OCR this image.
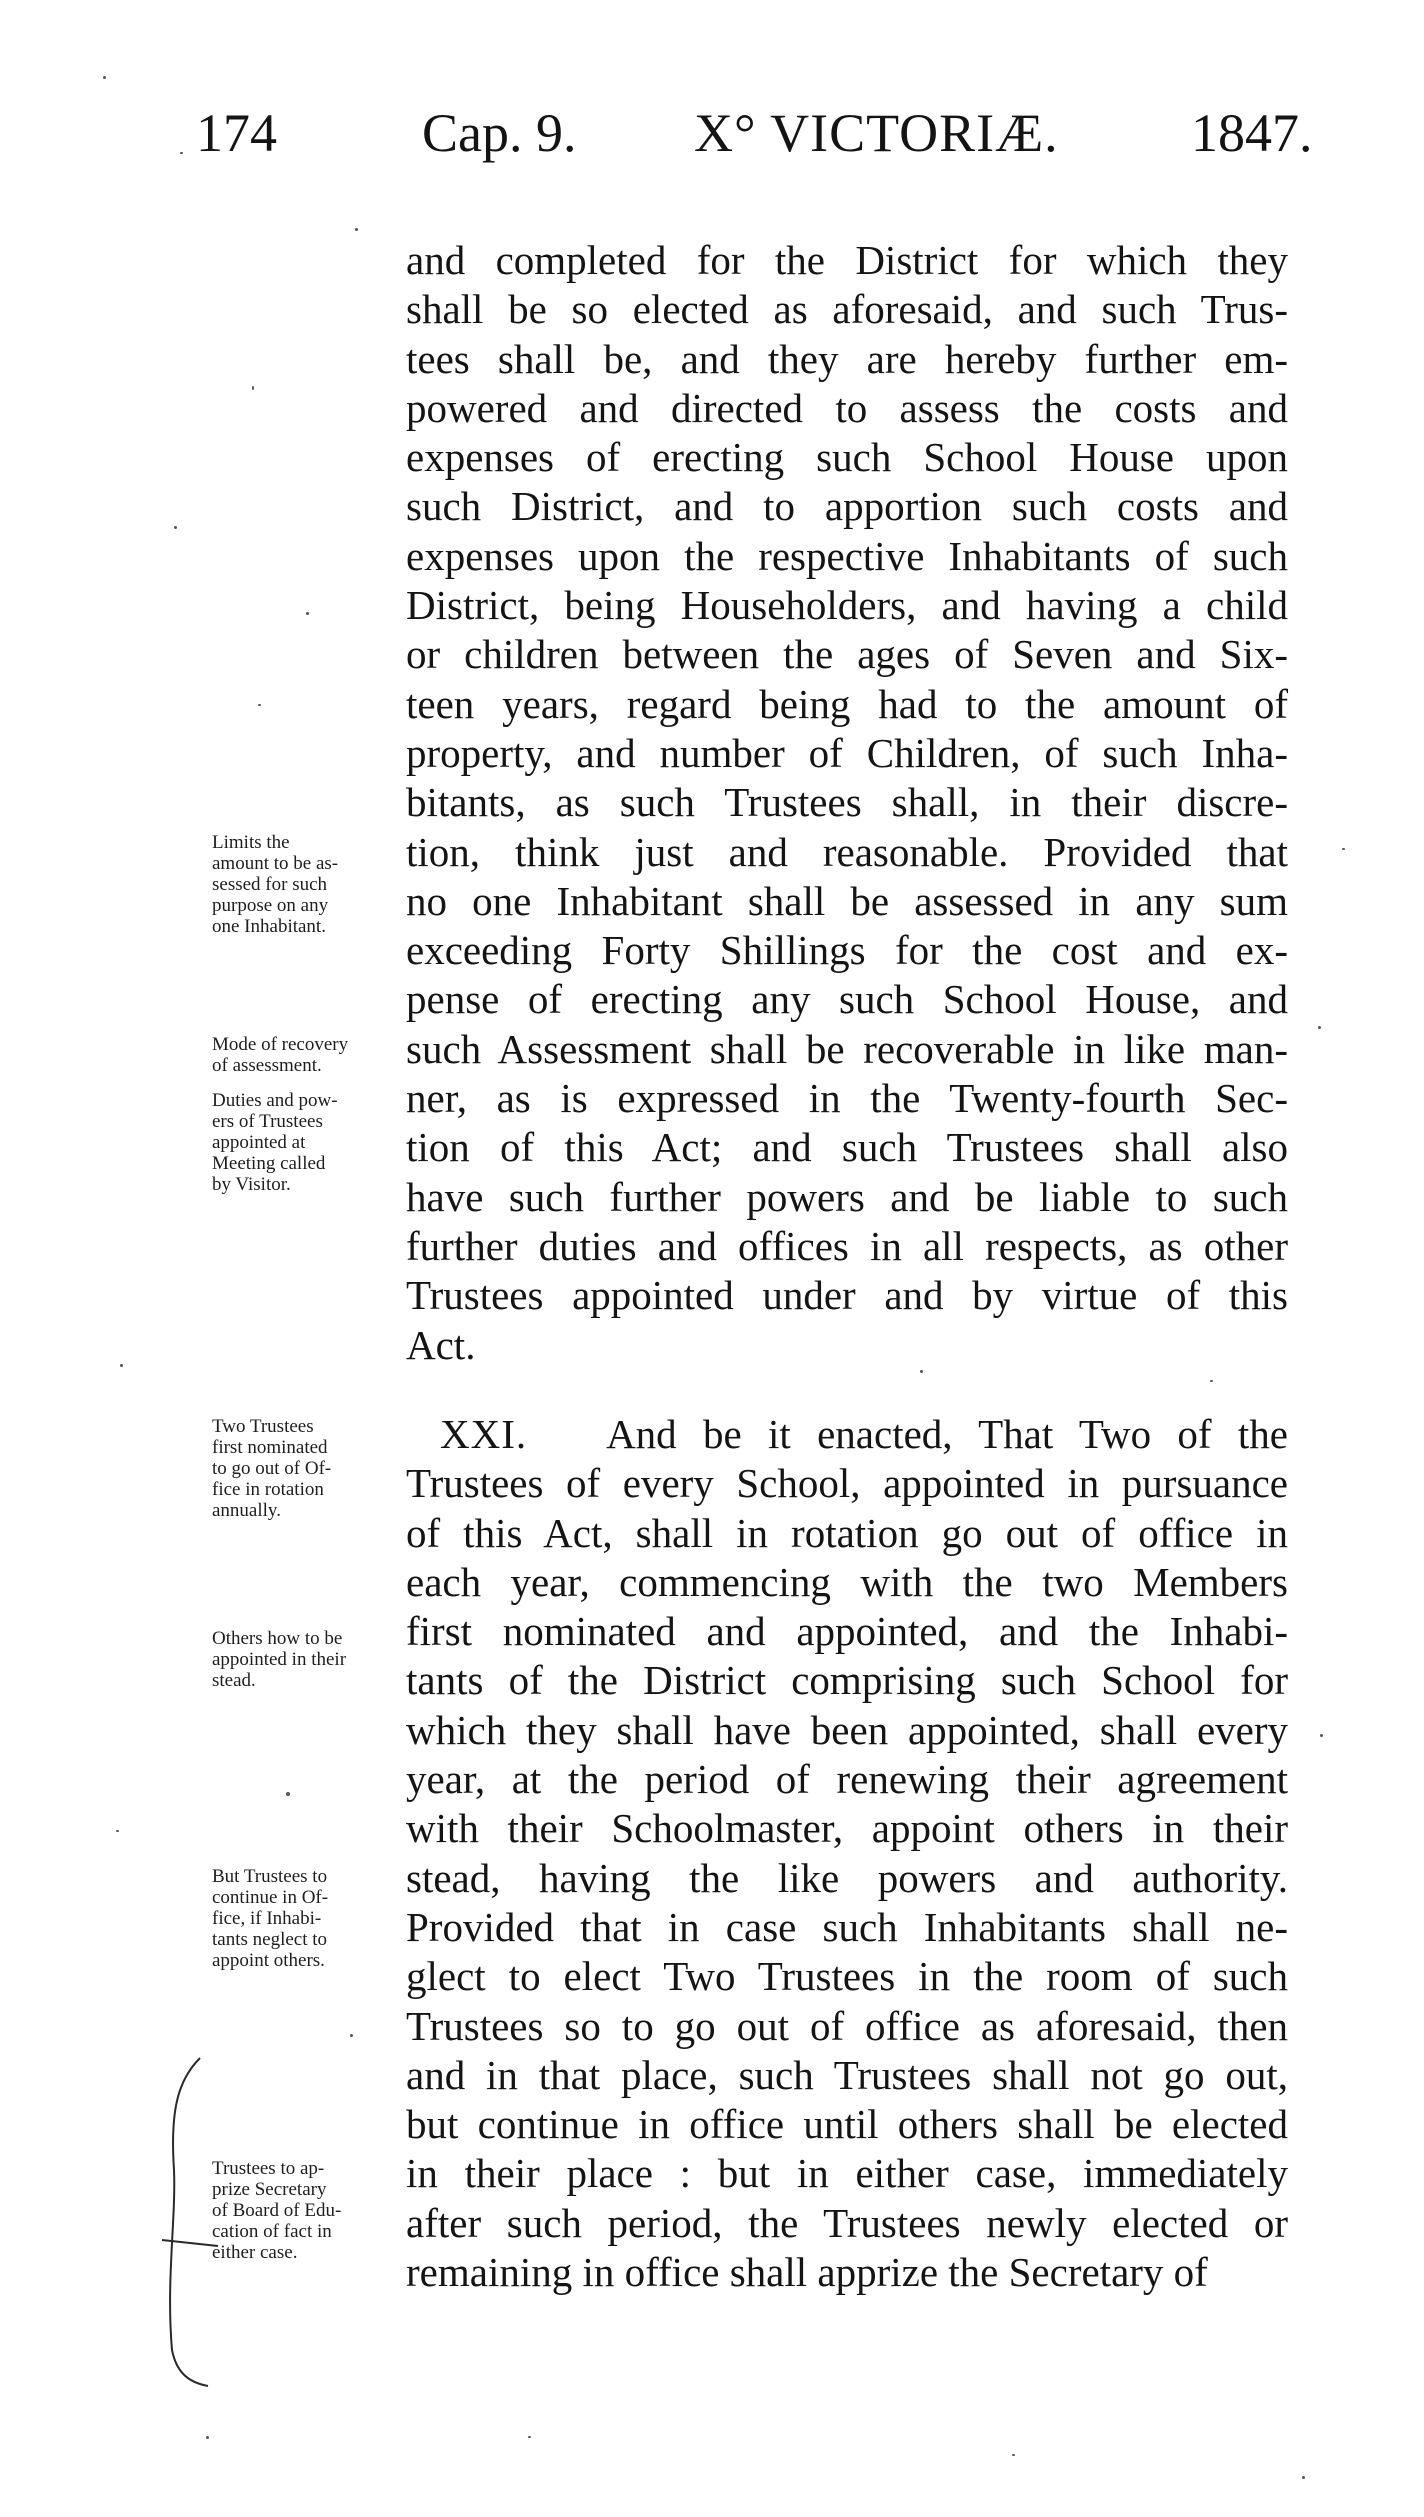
174	Cap. 9. X° VICTORIÆ. 1847.
and completed for the District for which they
shall be so elected as aforesaid, and such Trus-
tees shall be, and they are hereby further em-
powered and directed to assess the costs and
expenses of erecting such School House upon
such District, and to apportion such costs and
expenses upon the respective Inhabitants of such
District, being Householders, and having a child
or children between the ages of Seven and Six-
teen years, regard being had to the amount of
property, and number of Children, of such Inha-
bitants, as such Trustees shall, in their discre-
tion, think just and reasonable. Provided that
no one Inhabitant shall be assessed in any sum
exceeding Forty Shillings for the cost and ex-
pense of erecting any such School House, and
such Assessment shall be recoverable in like man-
ner, as is expressed in the Twenty-fourth Sec-
tion of this Act; and such Trustees shall also
have such further powers and be liable to such
further duties and offices in all respects, as other
Trustees appointed under and by virtue of this
Act.
XXI. And be it enacted, That Two of the
Trustees of every School, appointed in pursuance
of this Act, shall in rotation go out of office in
each year, commencing with the two Members
first nominated and appointed, and the Inhabi-
tants of the District comprising such School for
which they shall have been appointed, shall every
year, at the period of renewing their agreement
with their Schoolmaster, appoint others in their
stead, having the like powers and authority.
Provided that in case such Inhabitants shall ne-
glect to elect Two Trustees in the room of such
Trustees so to go out of office as aforesaid, then
and in that place, such Trustees shall not go out,
but continue in office until others shall be elected
in their place : but in either case, immediately
after such period, the Trustees newly elected or
remaining in office shall apprize the Secretary of
Limits the
amount to be as-
sessed for such
purpose on any
one Inhabitant.
Mode of recovery
of assessment.
Duties and pow-
ers of Trustees
appointed at
Meeting called
by Visitor.
Two Trustees
first nominated
to go out of Of-
fice in rotation
annually.
Others how to be
appointed in their
stead.
But Trustees to
continue in Of-
fice, if Inhabi-
tants neglect to
appoint others.
Trustees to ap-
prize Secretary
of Board of Edu-
cation of fact in
either case.
